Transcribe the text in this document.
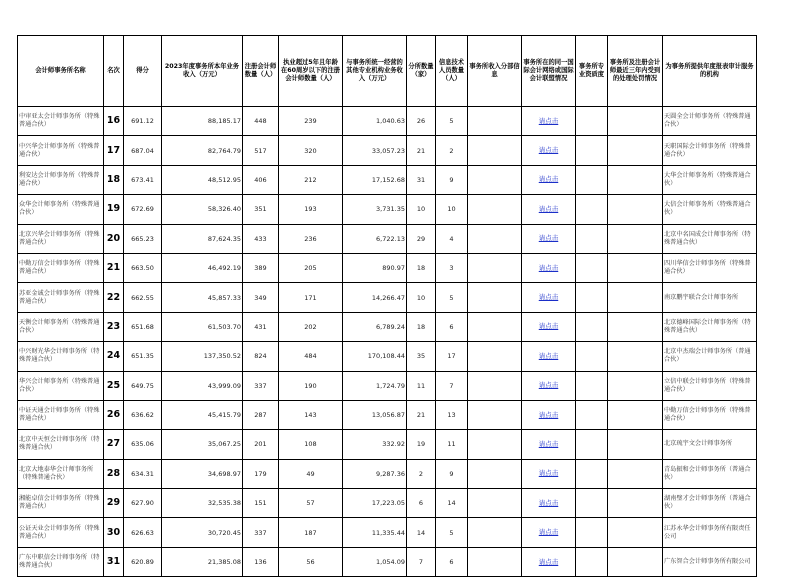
会计师事务所名称	名次	得分	2023年度事务所本年业务收入（万元）	注册会计师数量（人）	执业超过5年且年龄在60周岁以下的注册会计师数量（人）	与事务所统一经营的其他专业机构业务收入（万元）	分所数量（家）	信息技术人员数量（人）	事务所收入分部信息	事务所在的同一国际会计网络或国际会计联盟情况	事务所专业资质度	事务所及注册会计师最近三年内受到的处理处罚情况	为事务所提供年度报表审计服务的机构
中审亚太会计师事务所（特殊普通合伙）	16	691.12	88,185.17	448	239	1,040.63	26	5		请点击			天圆全会计师事务所（特殊普通合伙）
中兴华会计师事务所（特殊普通合伙）	17	687.04	82,764.79	517	320	33,057.23	21	2		请点击			天职国际会计师事务所（特殊普通合伙）
利安达会计师事务所（特殊普通合伙）	18	673.41	48,512.95	406	212	17,152.68	31	9		请点击			大华会计师事务所（特殊普通合伙）
众华会计师事务所（特殊普通合伙）	19	672.69	58,326.40	351	193	3,731.35	10	10		请点击			大信会计师事务所（特殊普通合伙）
北京兴华会计师事务所（特殊普通合伙）	20	665.23	87,624.35	433	236	6,722.13	29	4		请点击			北京中名国成会计师事务所（特殊普通合伙）
中勤万信会计师事务所（特殊普通合伙）	21	663.50	46,492.19	389	205	890.97	18	3		请点击			四川华信会计师事务所（特殊普通合伙）
苏亚金诚会计师事务所（特殊普通合伙）	22	662.55	45,857.33	349	171	14,266.47	10	5		请点击			南京鹏宇联合会计师事务所
天衡会计师事务所（特殊普通合伙）	23	651.68	61,503.70	431	202	6,789.24	18	6		请点击			北京德峰国际会计师事务所（特殊普通合伙）
中兴财光华会计师事务所（特殊普通合伙）	24	651.35	137,350.52	824	484	170,108.44	35	17		请点击			北京中杰瑞会计师事务所（普通合伙）
华兴会计师事务所（特殊普通合伙）	25	649.75	43,999.09	337	190	1,724.79	11	7		请点击			立信中联会计师事务所（特殊普通合伙）
中证天通会计师事务所（特殊普通合伙）	26	636.62	45,415.79	287	143	13,056.87	21	13		请点击			中勤万信会计师事务所（特殊普通合伙）
北京中天恒会计师事务所（特殊普通合伙）	27	635.06	35,067.25	201	108	332.92	19	11		请点击			北京琉宇文会计师事务所
北京大地泰华会计师事务所（特殊普通合伙）	28	634.31	34,698.97	179	49	9,287.36	2	9		请点击			青岛振和会计师事务所（普通合伙）
湘能卓信会计师事务所（特殊普通合伙）	29	627.90	32,535.38	151	57	17,223.05	6	14		请点击			湖南璧才会计师事务所（普通合伙）
公证天业会计师事务所（特殊普通合伙）	30	626.63	30,720.45	337	187	11,335.44	14	5		请点击			江苏永华会计师事务所有限责任公司
广东中职信会计师事务所（特殊普通合伙）	31	620.89	21,385.08	136	56	1,054.09	7	6		请点击			广东智合会计师事务所有限公司
